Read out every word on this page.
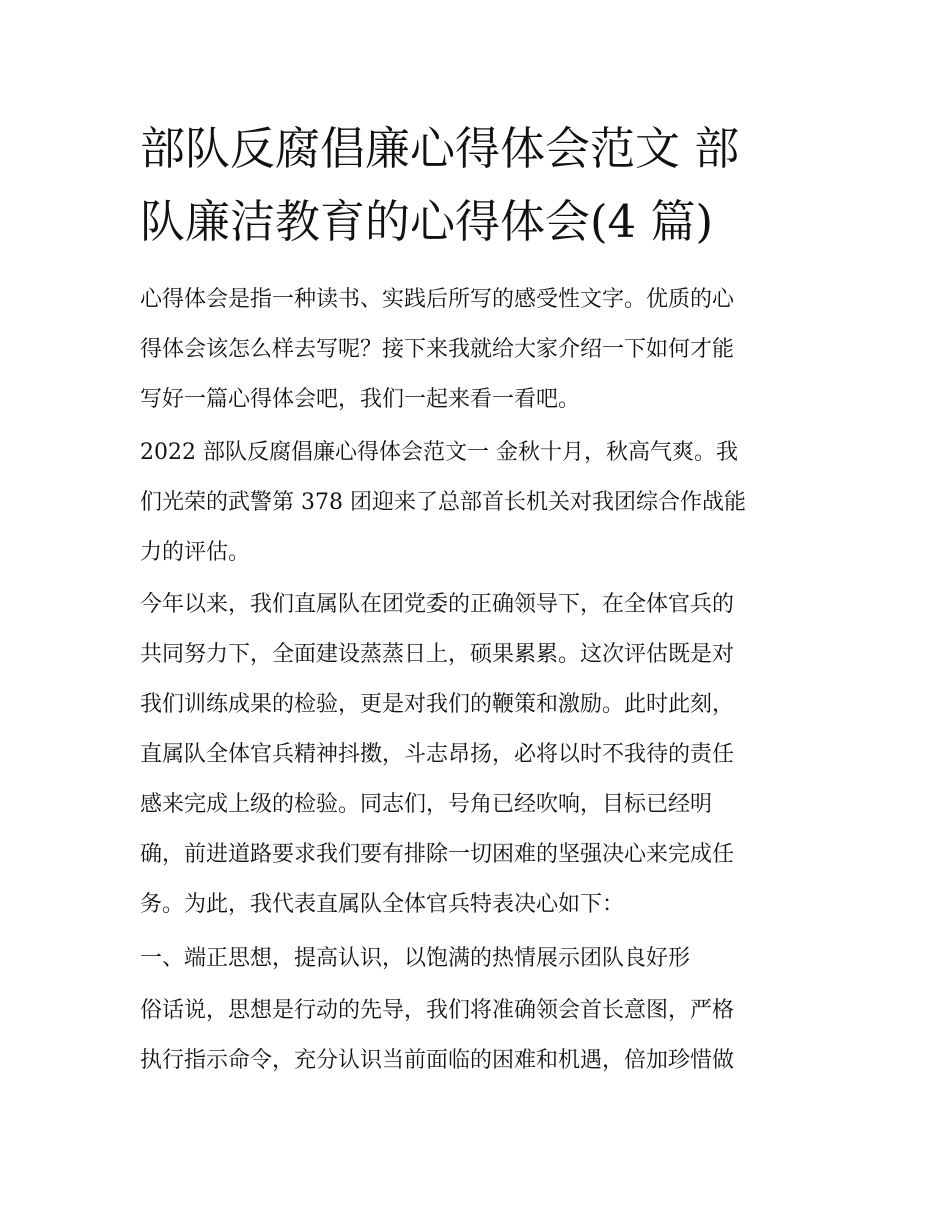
部队反腐倡廉心得体会范文 部
队廉洁教育的心得体会(4 篇)
心得体会是指一种读书、实践后所写的感受性文字。优质的心
得体会该怎么样去写呢？接下来我就给大家介绍一下如何才能
写好一篇心得体会吧，我们一起来看一看吧。
2022 部队反腐倡廉心得体会范文一 金秋十月，秋高气爽。我
们光荣的武警第 378 团迎来了总部首长机关对我团综合作战能
力的评估。
今年以来，我们直属队在团党委的正确领导下，在全体官兵的
共同努力下，全面建设蒸蒸日上，硕果累累。这次评估既是对
我们训练成果的检验，更是对我们的鞭策和激励。此时此刻，
直属队全体官兵精神抖擞，斗志昂扬，必将以时不我待的责任
感来完成上级的检验。同志们，号角已经吹响，目标已经明
确，前进道路要求我们要有排除一切困难的坚强决心来完成任
务。为此，我代表直属队全体官兵特表决心如下：
一、端正思想，提高认识，以饱满的热情展示团队良好形
俗话说，思想是行动的先导，我们将准确领会首长意图，严格
执行指示命令，充分认识当前面临的困难和机遇，倍加珍惜做
